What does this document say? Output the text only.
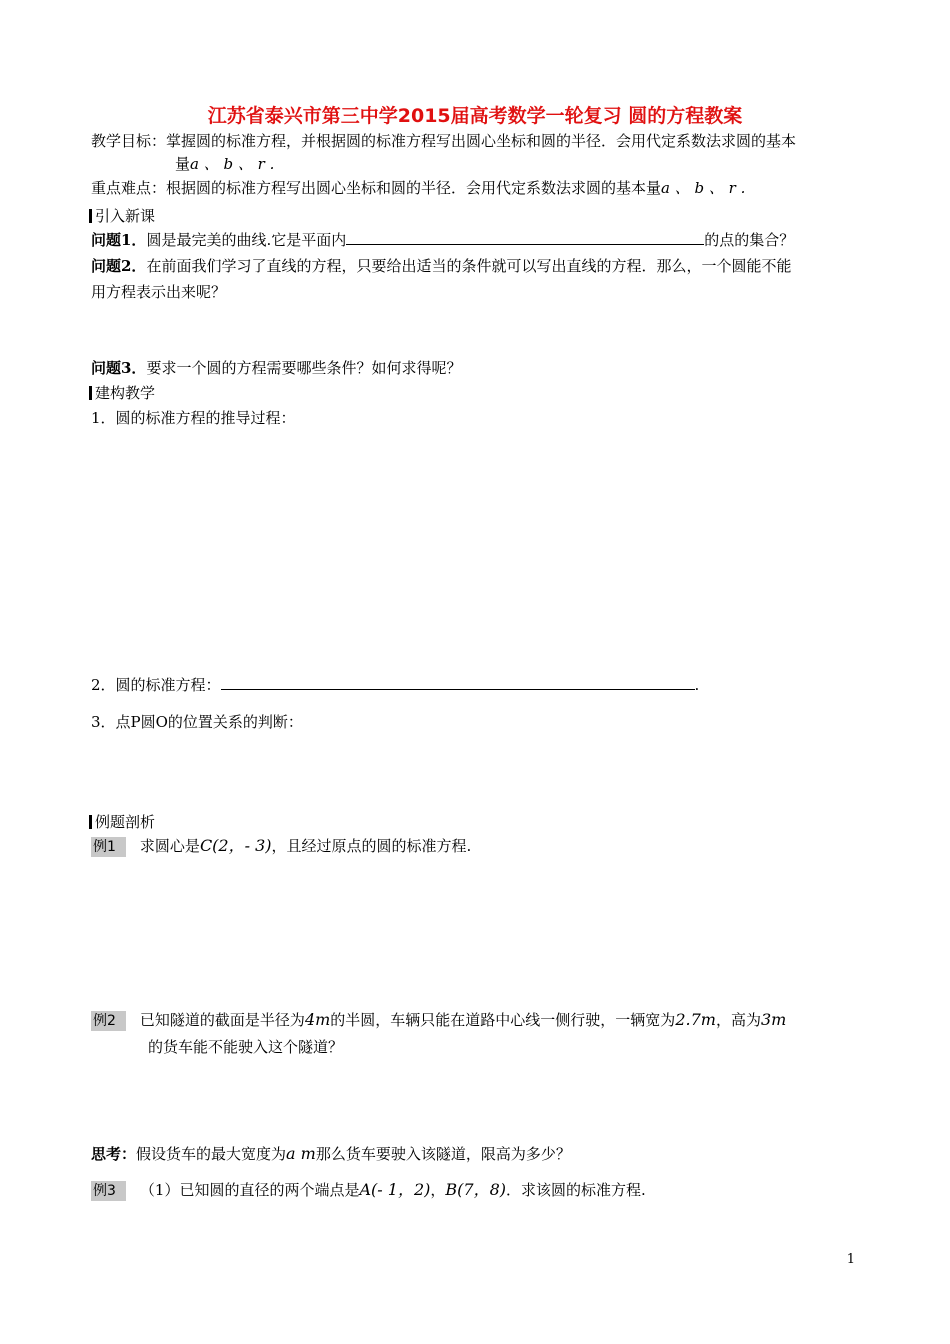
江苏省泰兴市第三中学2015届高考数学一轮复习 圆的方程教案
教学目标：掌握圆的标准方程，并根据圆的标准方程写出圆心坐标和圆的半径．会用代定系数法求圆的基本
量a 、 b 、 r .
重点难点：根据圆的标准方程写出圆心坐标和圆的半径．会用代定系数法求圆的基本量a 、 b 、 r .
引入新课
问题1．圆是最完美的曲线.它是平面内	的点的集合？
问题2．在前面我们学习了直线的方程，只要给出适当的条件就可以写出直线的方程．那么，一个圆能不能
用方程表示出来呢？
问题3．要求一个圆的方程需要哪些条件？如何求得呢？
建构教学
1．圆的标准方程的推导过程：
2．圆的标准方程：	.
3．点P圆O的位置关系的判断：
例题剖析
例1 求圆心是C(2，- 3)，且经过原点的圆的标准方程.
例2 已知隧道的截面是半径为4m的半圆，车辆只能在道路中心线一侧行驶，一辆宽为2.7m，高为3m
的货车能不能驶入这个隧道？
思考：假设货车的最大宽度为a m那么货车要驶入该隧道，限高为多少？
例3 （1）已知圆的直径的两个端点是A(- 1，2)，B(7，8)．求该圆的标准方程.
1
